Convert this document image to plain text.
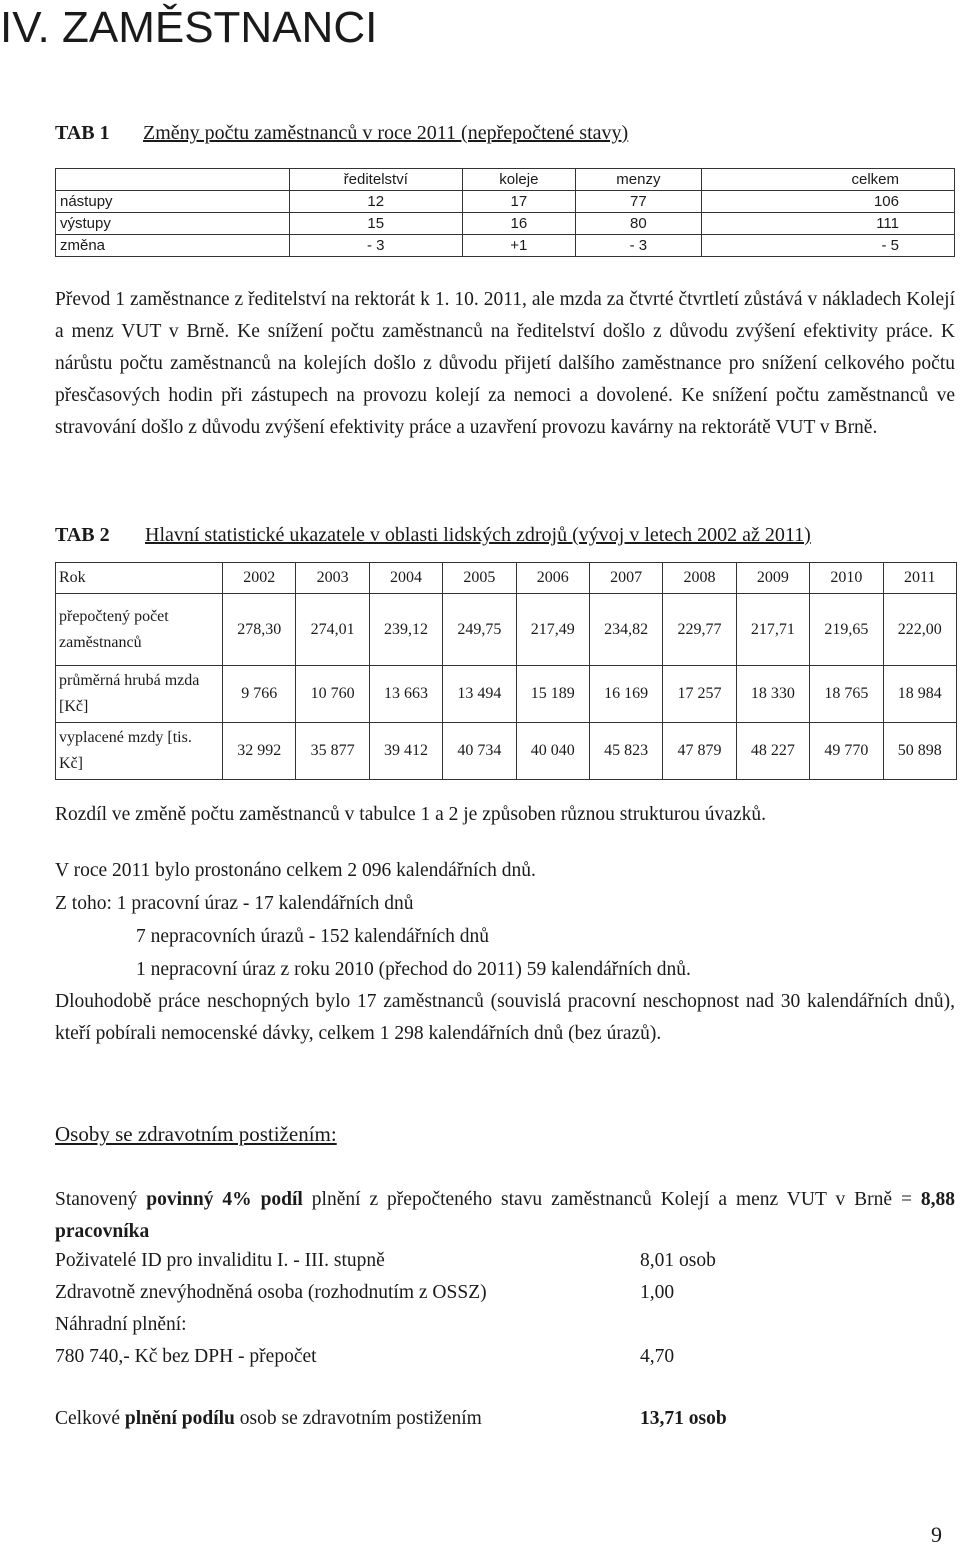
IV. ZAMĚSTNANCI
TAB 1 Změny počtu zaměstnanců v roce 2011 (nepřepočtené stavy)
	ředitelství	koleje	menzy	celkem
nástupy	12	17	77	106
výstupy	15	16	80	111
změna	- 3	+1	- 3	- 5
Převod 1 zaměstnance z ředitelství na rektorát k 1. 10. 2011, ale mzda za čtvrté čtvrtletí zůstává v nákladech Kolejí a menz VUT v Brně. Ke snížení počtu zaměstnanců na ředitelství došlo z důvodu zvýšení efektivity práce. K nárůstu počtu zaměstnanců na kolejích došlo z důvodu přijetí dalšího zaměstnance pro snížení celkového počtu přesčasových hodin při zástupech na provozu kolejí za nemoci a dovolené. Ke snížení počtu zaměstnanců ve stravování došlo z důvodu zvýšení efektivity práce a uzavření provozu kavárny na rektorátě VUT v Brně.
TAB 2 Hlavní statistické ukazatele v oblasti lidských zdrojů (vývoj v letech 2002 až 2011)
Rok	2002	2003	2004	2005	2006	2007	2008	2009	2010	2011
přepočtený počet zaměstnanců	278,30	274,01	239,12	249,75	217,49	234,82	229,77	217,71	219,65	222,00
průměrná hrubá mzda [Kč]	9 766	10 760	13 663	13 494	15 189	16 169	17 257	18 330	18 765	18 984
vyplacené mzdy [tis. Kč]	32 992	35 877	39 412	40 734	40 040	45 823	47 879	48 227	49 770	50 898
Rozdíl ve změně počtu zaměstnanců v tabulce 1 a 2 je způsoben různou strukturou úvazků.
V roce 2011 bylo prostonáno celkem 2 096 kalendářních dnů.
Z toho: 1 pracovní úraz - 17 kalendářních dnů
7 nepracovních úrazů - 152 kalendářních dnů
1 nepracovní úraz z roku 2010 (přechod do 2011) 59 kalendářních dnů.
Dlouhodobě práce neschopných bylo 17 zaměstnanců (souvislá pracovní neschopnost nad 30 kalendářních dnů), kteří pobírali nemocenské dávky, celkem 1 298 kalendářních dnů (bez úrazů).
Osoby se zdravotním postižením:
Stanovený povinný 4% podíl plnění z přepočteného stavu zaměstnanců Kolejí a menz VUT v Brně = 8,88 pracovníka
Poživatelé ID pro invaliditu I. - III. stupně	8,01 osob
Zdravotně znevýhodněná osoba (rozhodnutím z OSSZ)	1,00
Náhradní plnění:
780 740,- Kč bez DPH - přepočet	4,70
Celkové plnění podílu osob se zdravotním postižením	13,71 osob
9
